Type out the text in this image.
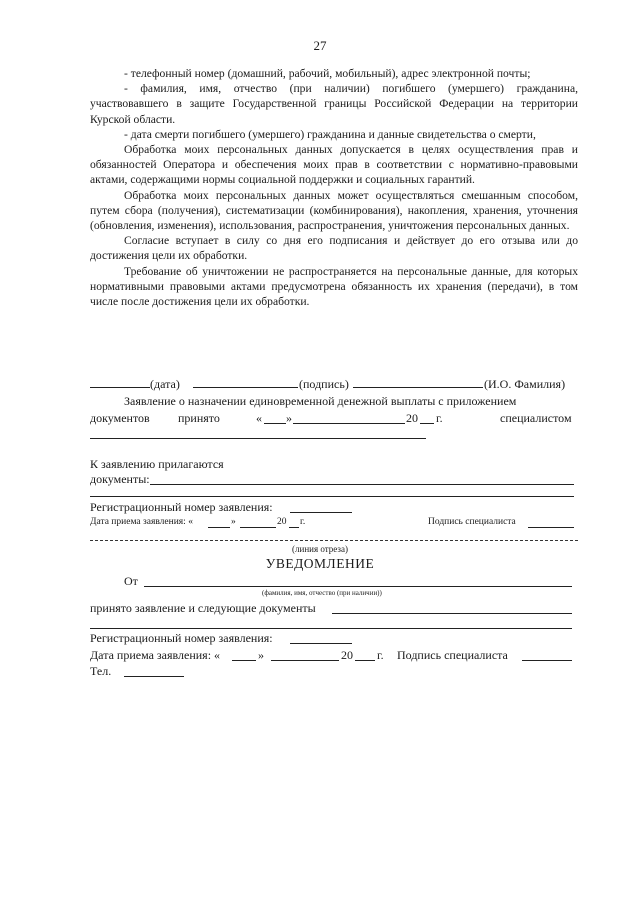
27

- телефонный номер (домашний, рабочий, мобильный), адрес электронной почты;

- фамилия, имя, отчество (при наличии) погибшего (умершего) гражданина, участвовавшего в защите Государственной границы Российской Федерации на территории Курской области.

- дата смерти погибшего (умершего) гражданина и данные свидетельства о смерти,

Обработка моих персональных данных допускается в целях осуществления прав и обязанностей Оператора и обеспечения моих прав в соответствии с нормативно-правовыми актами, содержащими нормы социальной поддержки и социальных гарантий.

Обработка моих персональных данных может осуществляться смешанным способом, путем сбора (получения), систематизации (комбинирования), накопления, хранения, уточнения (обновления, изменения), использования, распространения, уничтожения персональных данных.

Согласие вступает в силу со дня его подписания и действует до его отзыва или до достижения цели их обработки.

Требование об уничтожении не распространяется на персональные данные, для которых нормативными правовыми актами предусмотрена обязанность их хранения (передачи), в том числе после достижения цели их обработки.

(дата)	(подпись)	(И.О. Фамилия)
Заявление о назначении единовременной денежной выплаты с приложением
документов принято	« »	20 г.	специалистом
К заявлению прилагаются
документы:
Регистрационный номер заявления:
Дата приема заявления: «	»	20 г.	Подпись специалиста
(линия отреза)
УВЕДОМЛЕНИЕ
От
(фамилия, имя, отчество (при наличии))
принято заявление и следующие документы
Регистрационный номер заявления:
Дата приема заявления: «	»	20 г. Подпись специалиста
Тел.
